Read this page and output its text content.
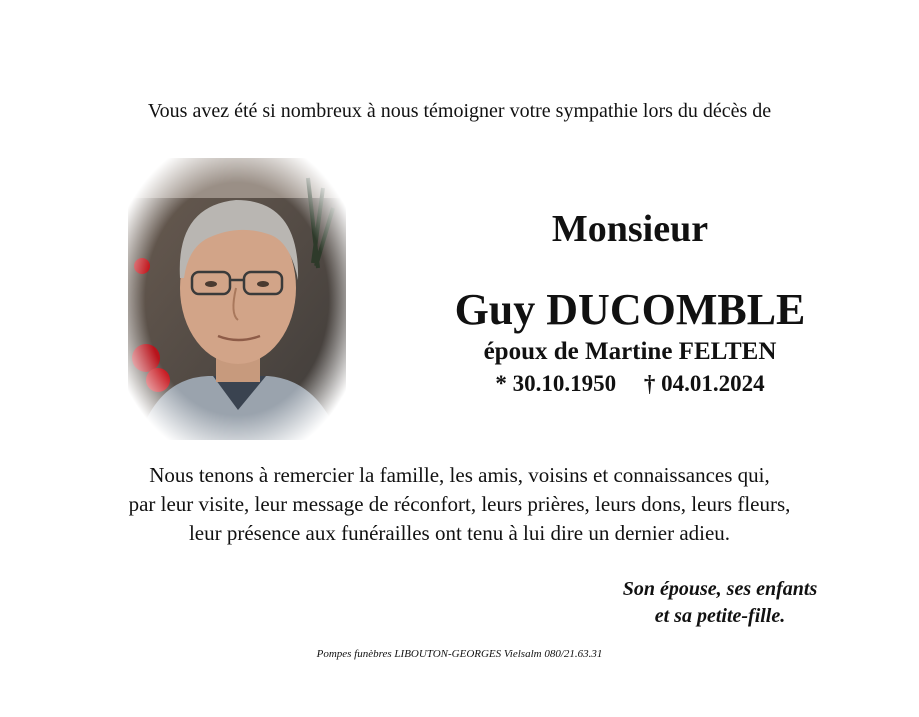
Vous avez été si nombreux à nous témoigner votre sympathie lors du décès de
Monsieur
Guy DUCOMBLE
époux de Martine FELTEN
* 30.10.1950 † 04.01.2024
Nous tenons à remercier la famille, les amis, voisins et connaissances qui,
par leur visite, leur message de réconfort, leurs prières, leurs dons, leurs fleurs,
leur présence aux funérailles ont tenu à lui dire un dernier adieu.
Son épouse, ses enfants
et sa petite-fille.
Pompes funèbres LIBOUTON-GEORGES Vielsalm 080/21.63.31
